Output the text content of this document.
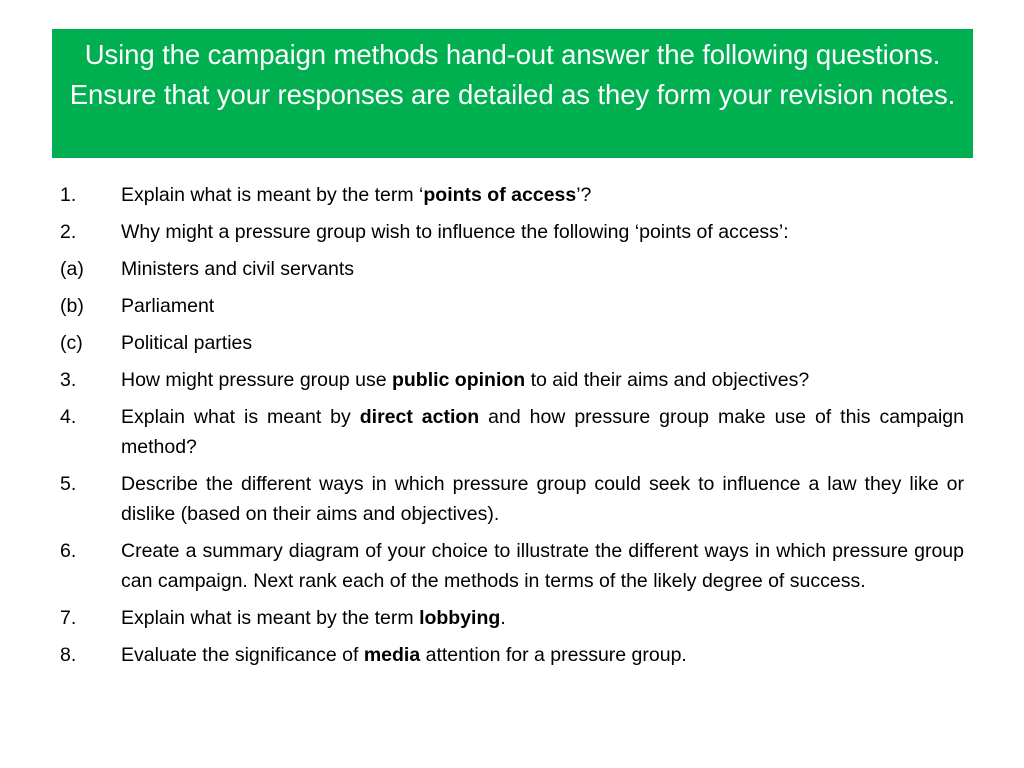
Using the campaign methods hand-out answer the following questions. Ensure that your responses are detailed as they form your revision notes.
1.	Explain what is meant by the term ‘points of access’?
2.	Why might a pressure group wish to influence the following ‘points of access’:
(a)	Ministers and civil servants
(b)	Parliament
(c)	Political parties
3.	How might pressure group use public opinion to aid their aims and objectives?
4.	Explain what is meant by direct action and how pressure group make use of this campaign method?
5.	Describe the different ways in which pressure group could seek to influence a law they like or dislike (based on their aims and objectives).
6.	Create a summary diagram of your choice to illustrate the different ways in which pressure group can campaign. Next rank each of the methods in terms of the likely degree of success.
7.	Explain what is meant by the term lobbying.
8.	Evaluate the significance of media attention for a pressure group.
